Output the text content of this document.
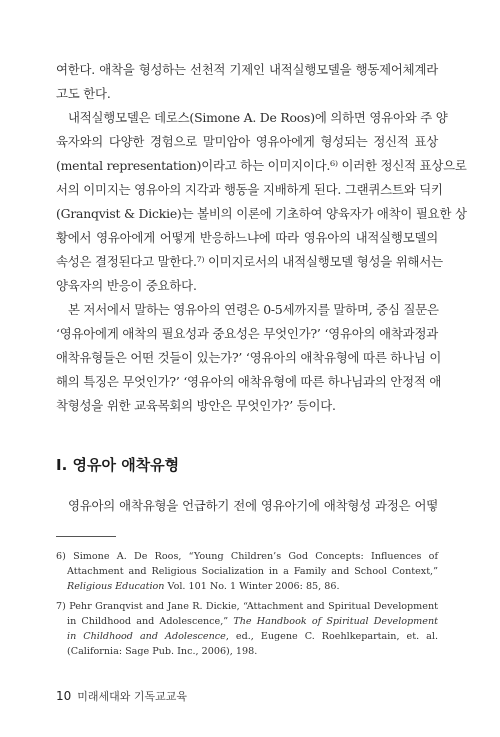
여한다. 애착을 형성하는 선천적 기제인 내적실행모델을 행동제어체계라
고도 한다.
내적실행모델은 데로스(Simone A. De Roos)에 의하면 영유아와 주 양
육자와의 다양한 경험으로 말미암아 영유아에게 형성되는 정신적 표상
(mental representation)이라고 하는 이미지이다.⁶⁾ 이러한 정신적 표상으로
서의 이미지는 영유아의 지각과 행동을 지배하게 된다. 그랜퀴스트와 딕키
(Granqvist & Dickie)는 볼비의 이론에 기초하여 양육자가 애착이 필요한 상
황에서 영유아에게 어떻게 반응하느냐에 따라 영유아의 내적실행모델의
속성은 결정된다고 말한다.⁷⁾ 이미지로서의 내적실행모델 형성을 위해서는
양육자의 반응이 중요하다.
본 저서에서 말하는 영유아의 연령은 0-5세까지를 말하며, 중심 질문은
‘영유아에게 애착의 필요성과 중요성은 무엇인가?’ ‘영유아의 애착과정과
애착유형들은 어떤 것들이 있는가?’ ‘영유아의 애착유형에 따른 하나님 이
해의 특징은 무엇인가?’ ‘영유아의 애착유형에 따른 하나님과의 안정적 애
착형성을 위한 교육목회의 방안은 무엇인가?’ 등이다.
I. 영유아 애착유형
영유아의 애착유형을 언급하기 전에 영유아기에 애착형성 과정은 어떻
6) Simone A. De Roos, “Young Children’s God Concepts: Influences of
Attachment and Religious Socialization in a Family and School Context,”
Religious Education Vol. 101 No. 1 Winter 2006: 85, 86.
7) Pehr Granqvist and Jane R. Dickie, “Attachment and Spiritual Development
in Childhood and Adolescence,” The Handbook of Spiritual Development
in Childhood and Adolescence, ed., Eugene C. Roehlkepartain, et. al.
(California: Sage Pub. Inc., 2006), 198.
10 미래세대와 기독교교육
